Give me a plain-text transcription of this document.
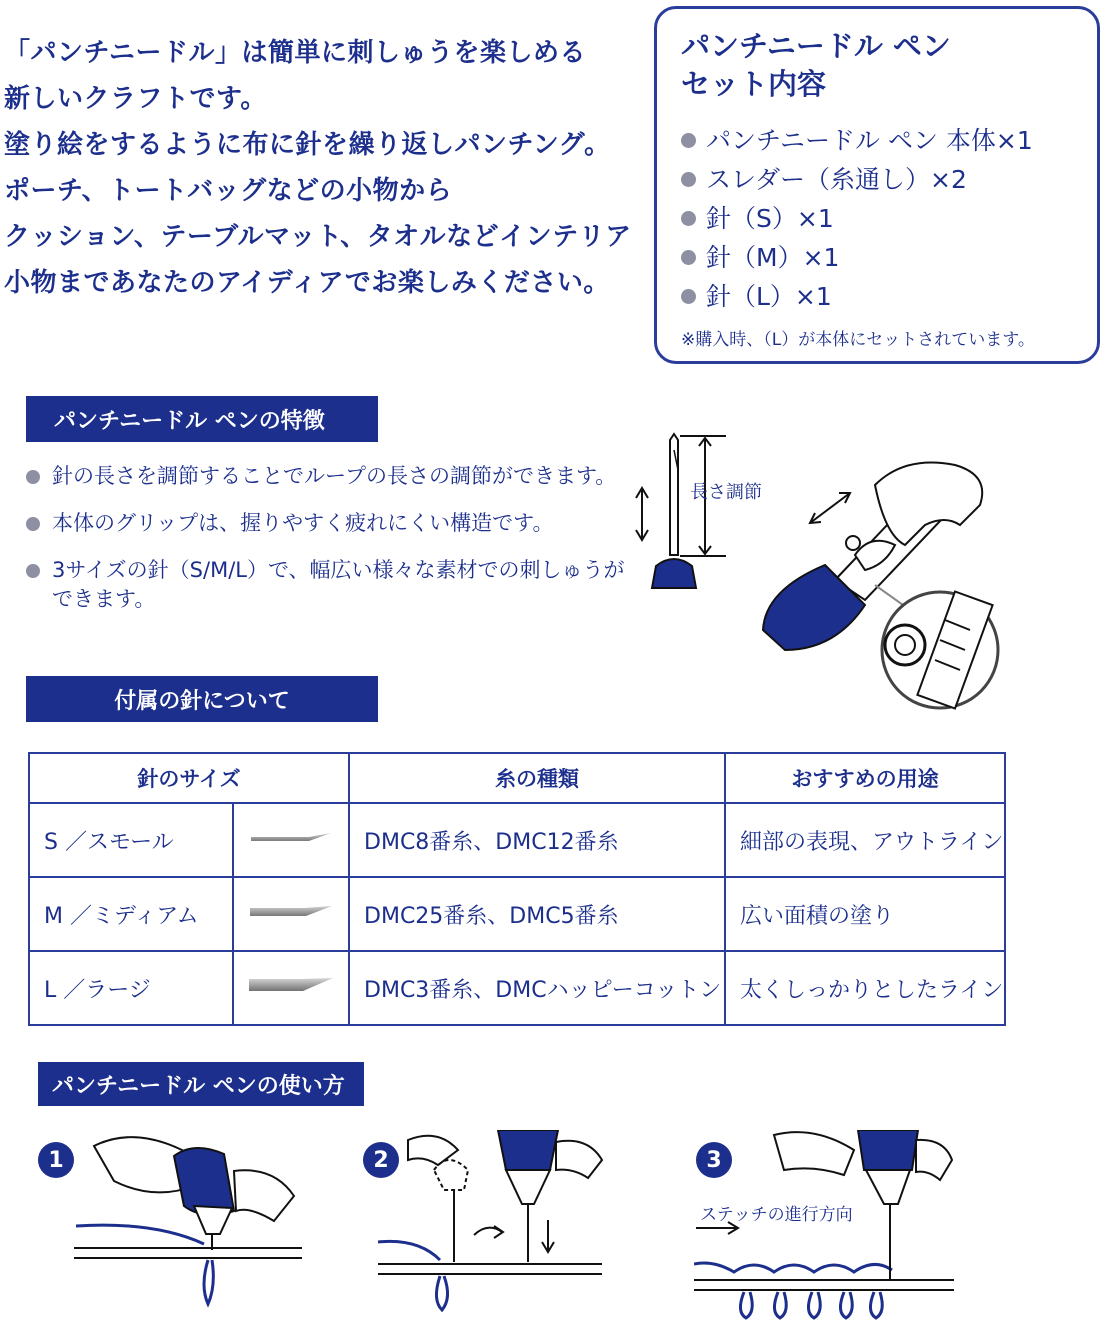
「パンチニードル」は簡単に刺しゅうを楽しめる
新しいクラフトです。
塗り絵をするように布に針を繰り返しパンチング。
ポーチ、トートバッグなどの小物から
クッション、テーブルマット、タオルなどインテリア
小物まであなたのアイディアでお楽しみください。
パンチニードル ペン
セット内容
パンチニードル ペン 本体×1
スレダー（糸通し）×2
針（S）×1
針（M）×1
針（L）×1
※購入時、（L）が本体にセットされています。
パンチニードル ペンの特徴
針の長さを調節することでループの長さの調節ができます。
本体のグリップは、握りやすく疲れにくい構造です。
3サイズの針（S/M/L）で、幅広い様々な素材での刺しゅうができます。
長さ調節
付属の針について
針のサイズ		糸の種類	おすすめの用途
S ／スモール		DMC8番糸、DMC12番糸	細部の表現、アウトライン
M ／ミディアム		DMC25番糸、DMC5番糸	広い面積の塗り
L ／ラージ		DMC3番糸、DMCハッピーコットン	太くしっかりとしたライン
パンチニードル ペンの使い方
1	2	3
ステッチの進行方向
